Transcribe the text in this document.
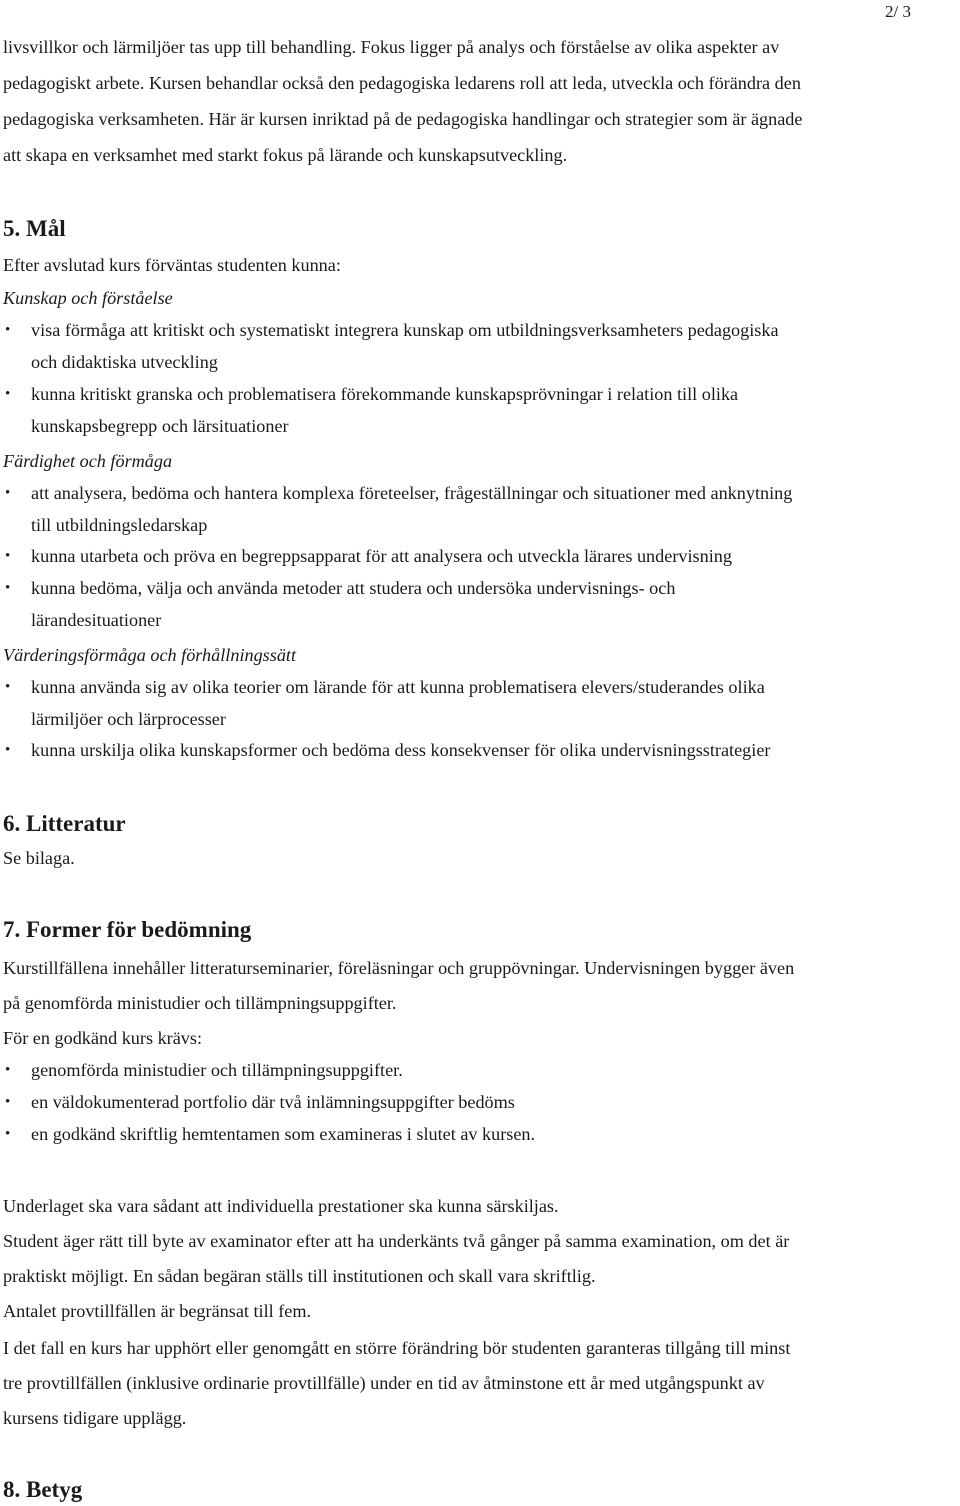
2/ 3
livsvillkor och lärmiljöer tas upp till behandling. Fokus ligger på analys och förståelse av olika aspekter av
pedagogiskt arbete. Kursen behandlar också den pedagogiska ledarens roll att leda, utveckla och förändra den
pedagogiska verksamheten. Här är kursen inriktad på de pedagogiska handlingar och strategier som är ägnade
att skapa en verksamhet med starkt fokus på lärande och kunskapsutveckling.
5. Mål
Efter avslutad kurs förväntas studenten kunna:
Kunskap och förståelse
• visa förmåga att kritiskt och systematiskt integrera kunskap om utbildningsverksamheters pedagogiska
och didaktiska utveckling
• kunna kritiskt granska och problematisera förekommande kunskapsprövningar i relation till olika
kunskapsbegrepp och lärsituationer
Färdighet och förmåga
• att analysera, bedöma och hantera komplexa företeelser, frågeställningar och situationer med anknytning
till utbildningsledarskap
• kunna utarbeta och pröva en begreppsapparat för att analysera och utveckla lärares undervisning
• kunna bedöma, välja och använda metoder att studera och undersöka undervisnings- och
lärandesituationer
Värderingsförmåga och förhållningssätt
• kunna använda sig av olika teorier om lärande för att kunna problematisera elevers/studerandes olika
lärmiljöer och lärprocesser
• kunna urskilja olika kunskapsformer och bedöma dess konsekvenser för olika undervisningsstrategier
6. Litteratur
Se bilaga.
7. Former för bedömning
Kurstillfällena innehåller litteraturseminarier, föreläsningar och gruppövningar. Undervisningen bygger även
på genomförda ministudier och tillämpningsuppgifter.
För en godkänd kurs krävs:
• genomförda ministudier och tillämpningsuppgifter.
• en väldokumenterad portfolio där två inlämningsuppgifter bedöms
• en godkänd skriftlig hemtentamen som examineras i slutet av kursen.
Underlaget ska vara sådant att individuella prestationer ska kunna särskiljas.
Student äger rätt till byte av examinator efter att ha underkänts två gånger på samma examination, om det är
praktiskt möjligt. En sådan begäran ställs till institutionen och skall vara skriftlig.
Antalet provtillfällen är begränsat till fem.
I det fall en kurs har upphört eller genomgått en större förändring bör studenten garanteras tillgång till minst
tre provtillfällen (inklusive ordinarie provtillfälle) under en tid av åtminstone ett år med utgångspunkt av
kursens tidigare upplägg.
8. Betyg
